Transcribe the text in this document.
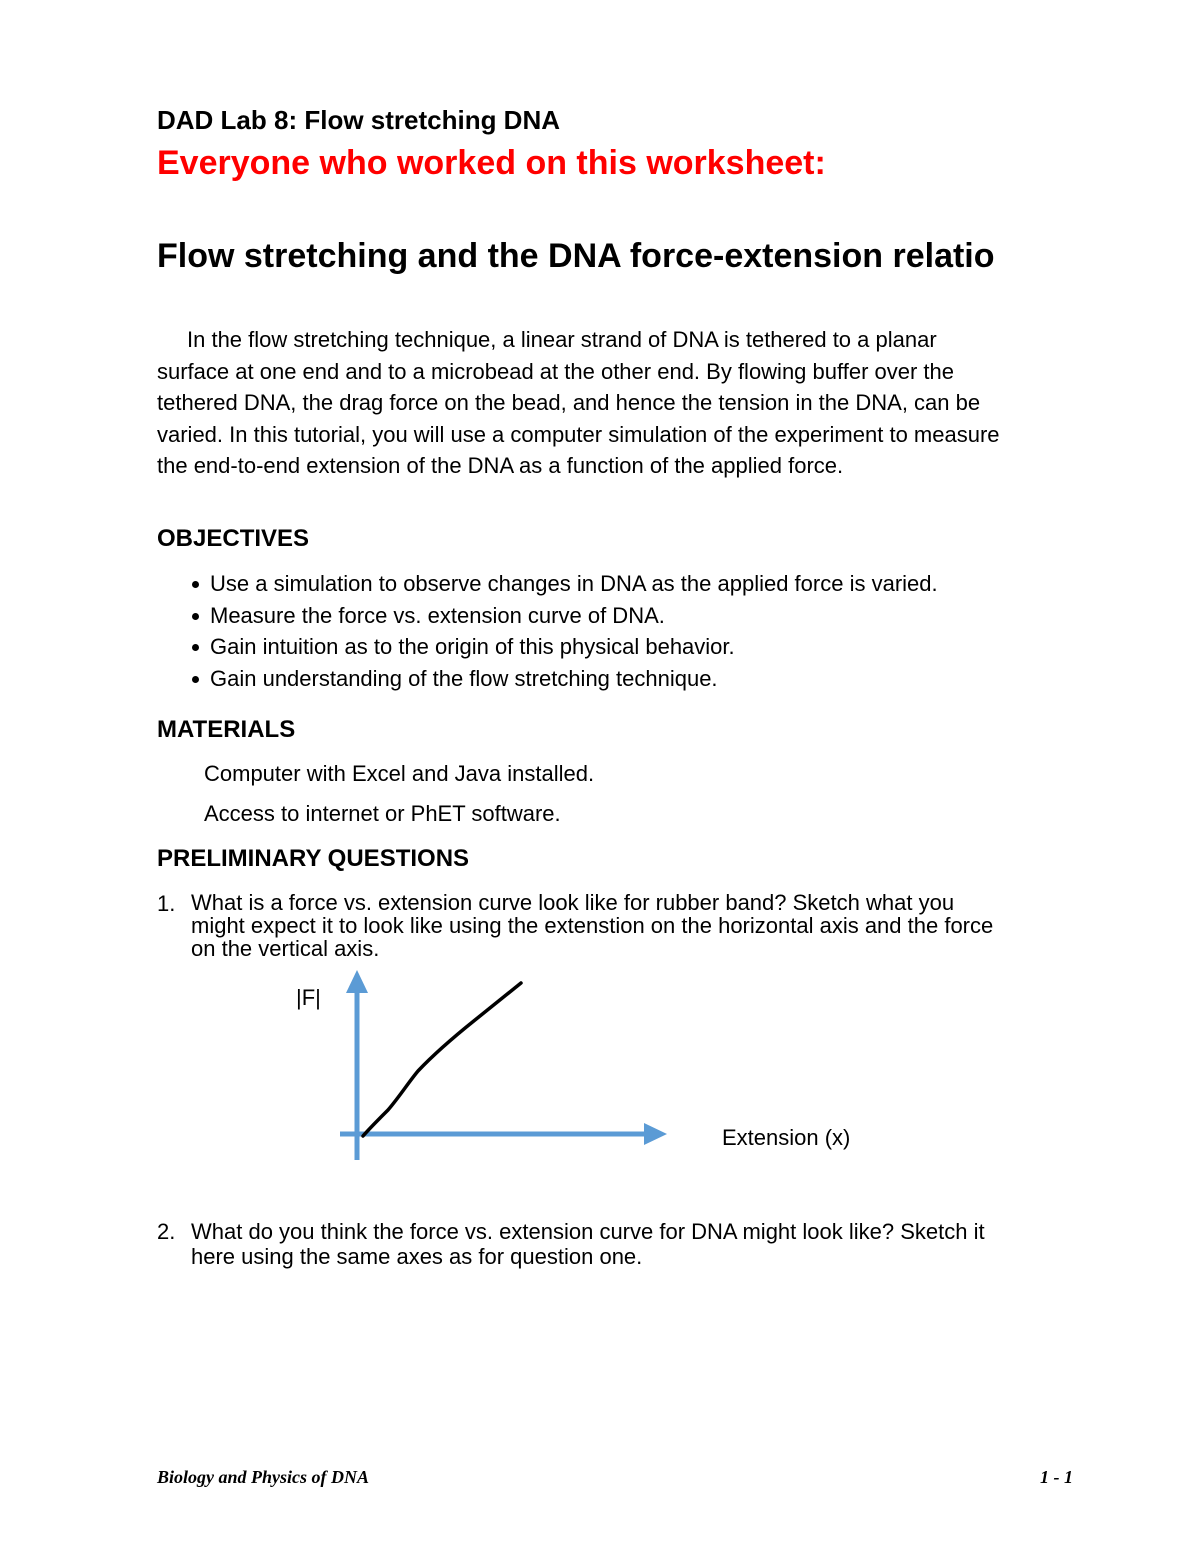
DAD Lab 8: Flow stretching DNA
Everyone who worked on this worksheet:
Flow stretching and the DNA force-extension relatio
In the flow stretching technique, a linear strand of DNA is tethered to a planar
surface at one end and to a microbead at the other end. By flowing buffer over the
tethered DNA, the drag force on the bead, and hence the tension in the DNA, can be
varied. In this tutorial, you will use a computer simulation of the experiment to measure
the end-to-end extension of the DNA as a function of the applied force.
OBJECTIVES
Use a simulation to observe changes in DNA as the applied force is varied.
Measure the force vs. extension curve of DNA.
Gain intuition as to the origin of this physical behavior.
Gain understanding of the flow stretching technique.
MATERIALS
Computer with Excel and Java installed.
Access to internet or PhET software.
PRELIMINARY QUESTIONS
1. What is a force vs. extension curve look like for rubber band? Sketch what you
might expect it to look like using the extenstion on the horizontal axis and the force
on the vertical axis.
|F|
Extension (x)
2. What do you think the force vs. extension curve for DNA might look like? Sketch it
here using the same axes as for question one.
Biology and Physics of DNA	1 - 1
